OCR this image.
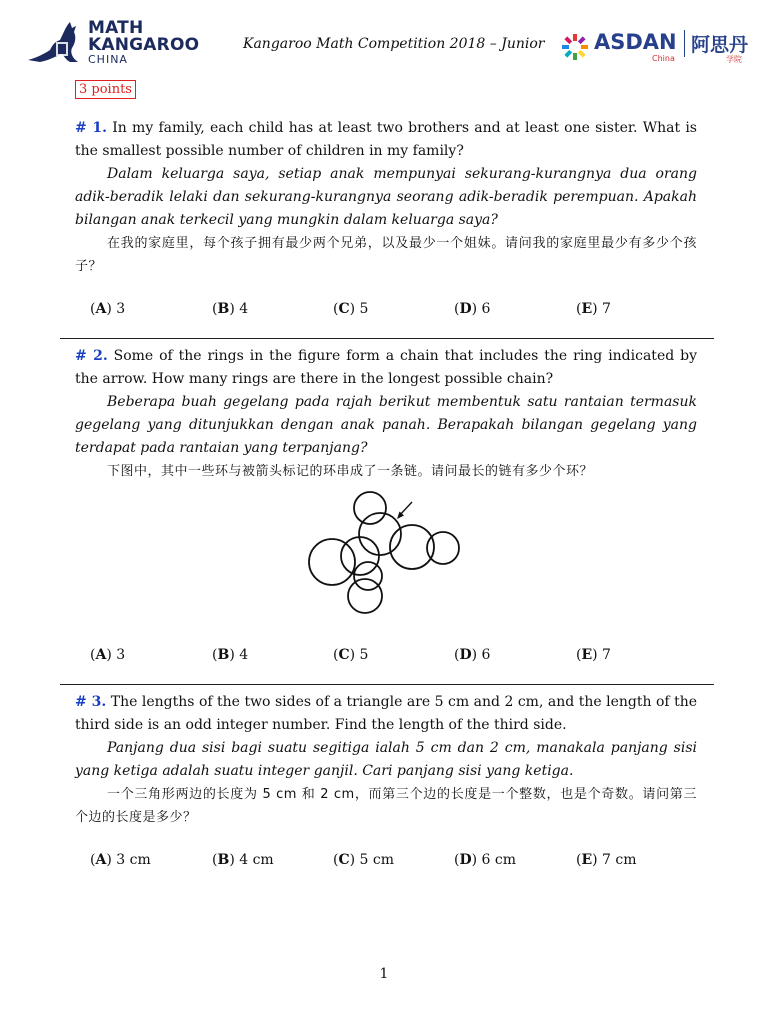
MATH
KANGAROO
CHINA
Kangaroo Math Competition 2018 – Junior ASDAN 阿思丹
China	学院
3 points

# 1. In my family, each child has at least two brothers and at least one sister. What is the smallest possible number of children in my family?

Dalam keluarga saya, setiap anak mempunyai sekurang-kurangnya dua orang adik-beradik lelaki dan sekurang-kurangnya seorang adik-beradik perempuan. Apakah bilangan anak terkecil yang mungkin dalam keluarga saya?

在我的家庭里，每个孩子拥有最少两个兄弟，以及最少一个姐妹。请问我的家庭里最少有多少个孩子？

(A) 3	(B) 4	(C) 5	(D) 6	(E) 7

# 2. Some of the rings in the figure form a chain that includes the ring indicated by the arrow. How many rings are there in the longest possible chain?

Beberapa buah gegelang pada rajah berikut membentuk satu rantaian termasuk gegelang yang ditunjukkan dengan anak panah. Berapakah bilangan gegelang yang terdapat pada rantaian yang terpanjang?

下图中，其中一些环与被箭头标记的环串成了一条链。请问最长的链有多少个环？

(A) 3	(B) 4	(C) 5	(D) 6	(E) 7

# 3. The lengths of the two sides of a triangle are 5 cm and 2 cm, and the length of the third side is an odd integer number. Find the length of the third side.

Panjang dua sisi bagi suatu segitiga ialah 5 cm dan 2 cm, manakala panjang sisi yang ketiga adalah suatu integer ganjil. Cari panjang sisi yang ketiga.

一个三角形两边的长度为 5 cm 和 2 cm，而第三个边的长度是一个整数，也是个奇数。请问第三个边的长度是多少？

(A) 3 cm	(B) 4 cm	(C) 5 cm	(D) 6 cm	(E) 7 cm
1
